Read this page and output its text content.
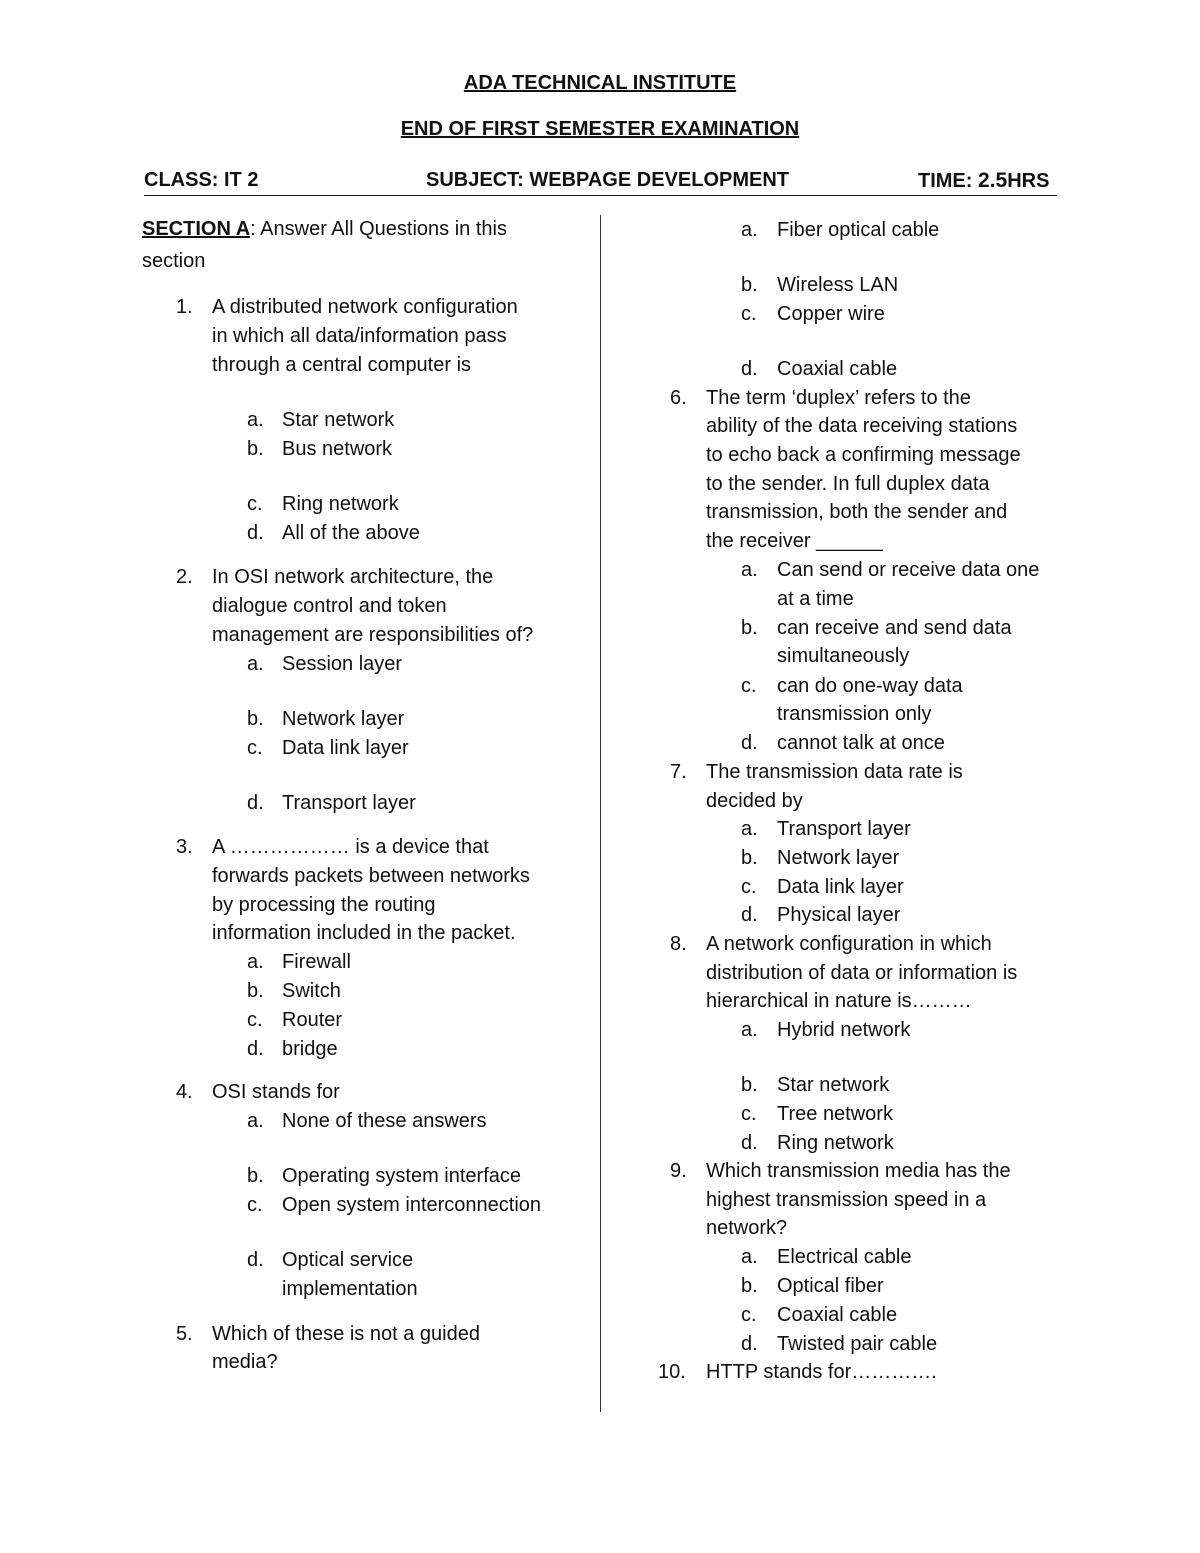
ADA TECHNICAL INSTITUTE
END OF FIRST SEMESTER EXAMINATION
CLASS: IT 2	SUBJECT: WEBPAGE DEVELOPMENT	TIME: 2.5HRS
SECTION A: Answer All Questions in this
section
1. A distributed network configuration
in which all data/information pass
through a central computer is
a. Star network
b. Bus network
c. Ring network
d. All of the above
2. In OSI network architecture, the
dialogue control and token
management are responsibilities of?
a. Session layer
b. Network layer
c. Data link layer
d. Transport layer
3. A ……………… is a device that
forwards packets between networks
by processing the routing
information included in the packet.
a. Firewall
b. Switch
c. Router
d. bridge
4. OSI stands for
a. None of these answers
b. Operating system interface
c. Open system interconnection
d. Optical service
implementation
5. Which of these is not a guided
media?
a. Fiber optical cable
b. Wireless LAN
c. Copper wire
d. Coaxial cable
6. The term ‘duplex’ refers to the
ability of the data receiving stations
to echo back a confirming message
to the sender. In full duplex data
transmission, both the sender and
the receiver ______
a. Can send or receive data one
at a time
b. can receive and send data
simultaneously
c. can do one-way data
transmission only
d. cannot talk at once
7. The transmission data rate is
decided by
a. Transport layer
b. Network layer
c. Data link layer
d. Physical layer
8. A network configuration in which
distribution of data or information is
hierarchical in nature is………
a. Hybrid network
b. Star network
c. Tree network
d. Ring network
9. Which transmission media has the
highest transmission speed in a
network?
a. Electrical cable
b. Optical fiber
c. Coaxial cable
d. Twisted pair cable
10. HTTP stands for………….
